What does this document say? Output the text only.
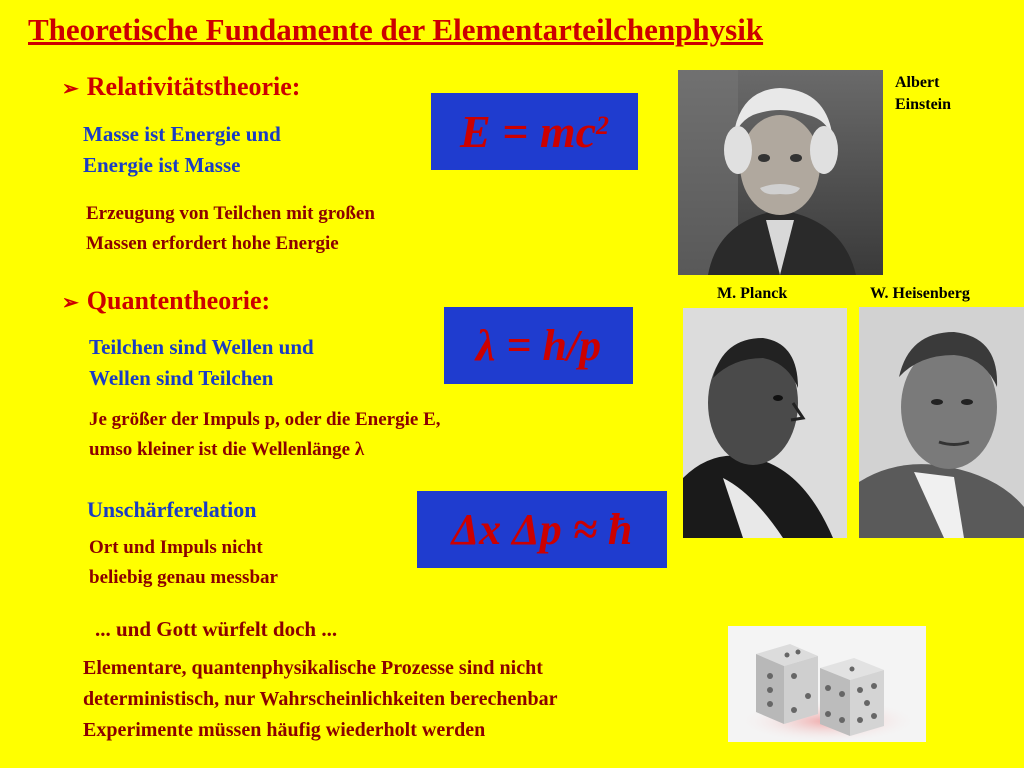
Theoretische Fundamente der Elementarteilchenphysik
➢ Relativitätstheorie:
Masse ist Energie und
Energie ist Masse
Erzeugung von Teilchen mit großen
Massen erfordert hohe Energie
$E = mc^2$
Albert
Einstein
➢ Quantentheorie:
Teilchen sind Wellen und
Wellen sind Teilchen
Je größer der Impuls p, oder die Energie E,
umso kleiner ist die Wellenlänge λ
λ = h/p
M. Planck	W. Heisenberg
Unschärferelation
Ort und Impuls nicht
beliebig genau messbar
Δx Δp ≈ ħ
... und Gott würfelt doch ...
Elementare, quantenphysikalische Prozesse sind nicht
deterministisch, nur Wahrscheinlichkeiten berechenbar
Experimente müssen häufig wiederholt werden
